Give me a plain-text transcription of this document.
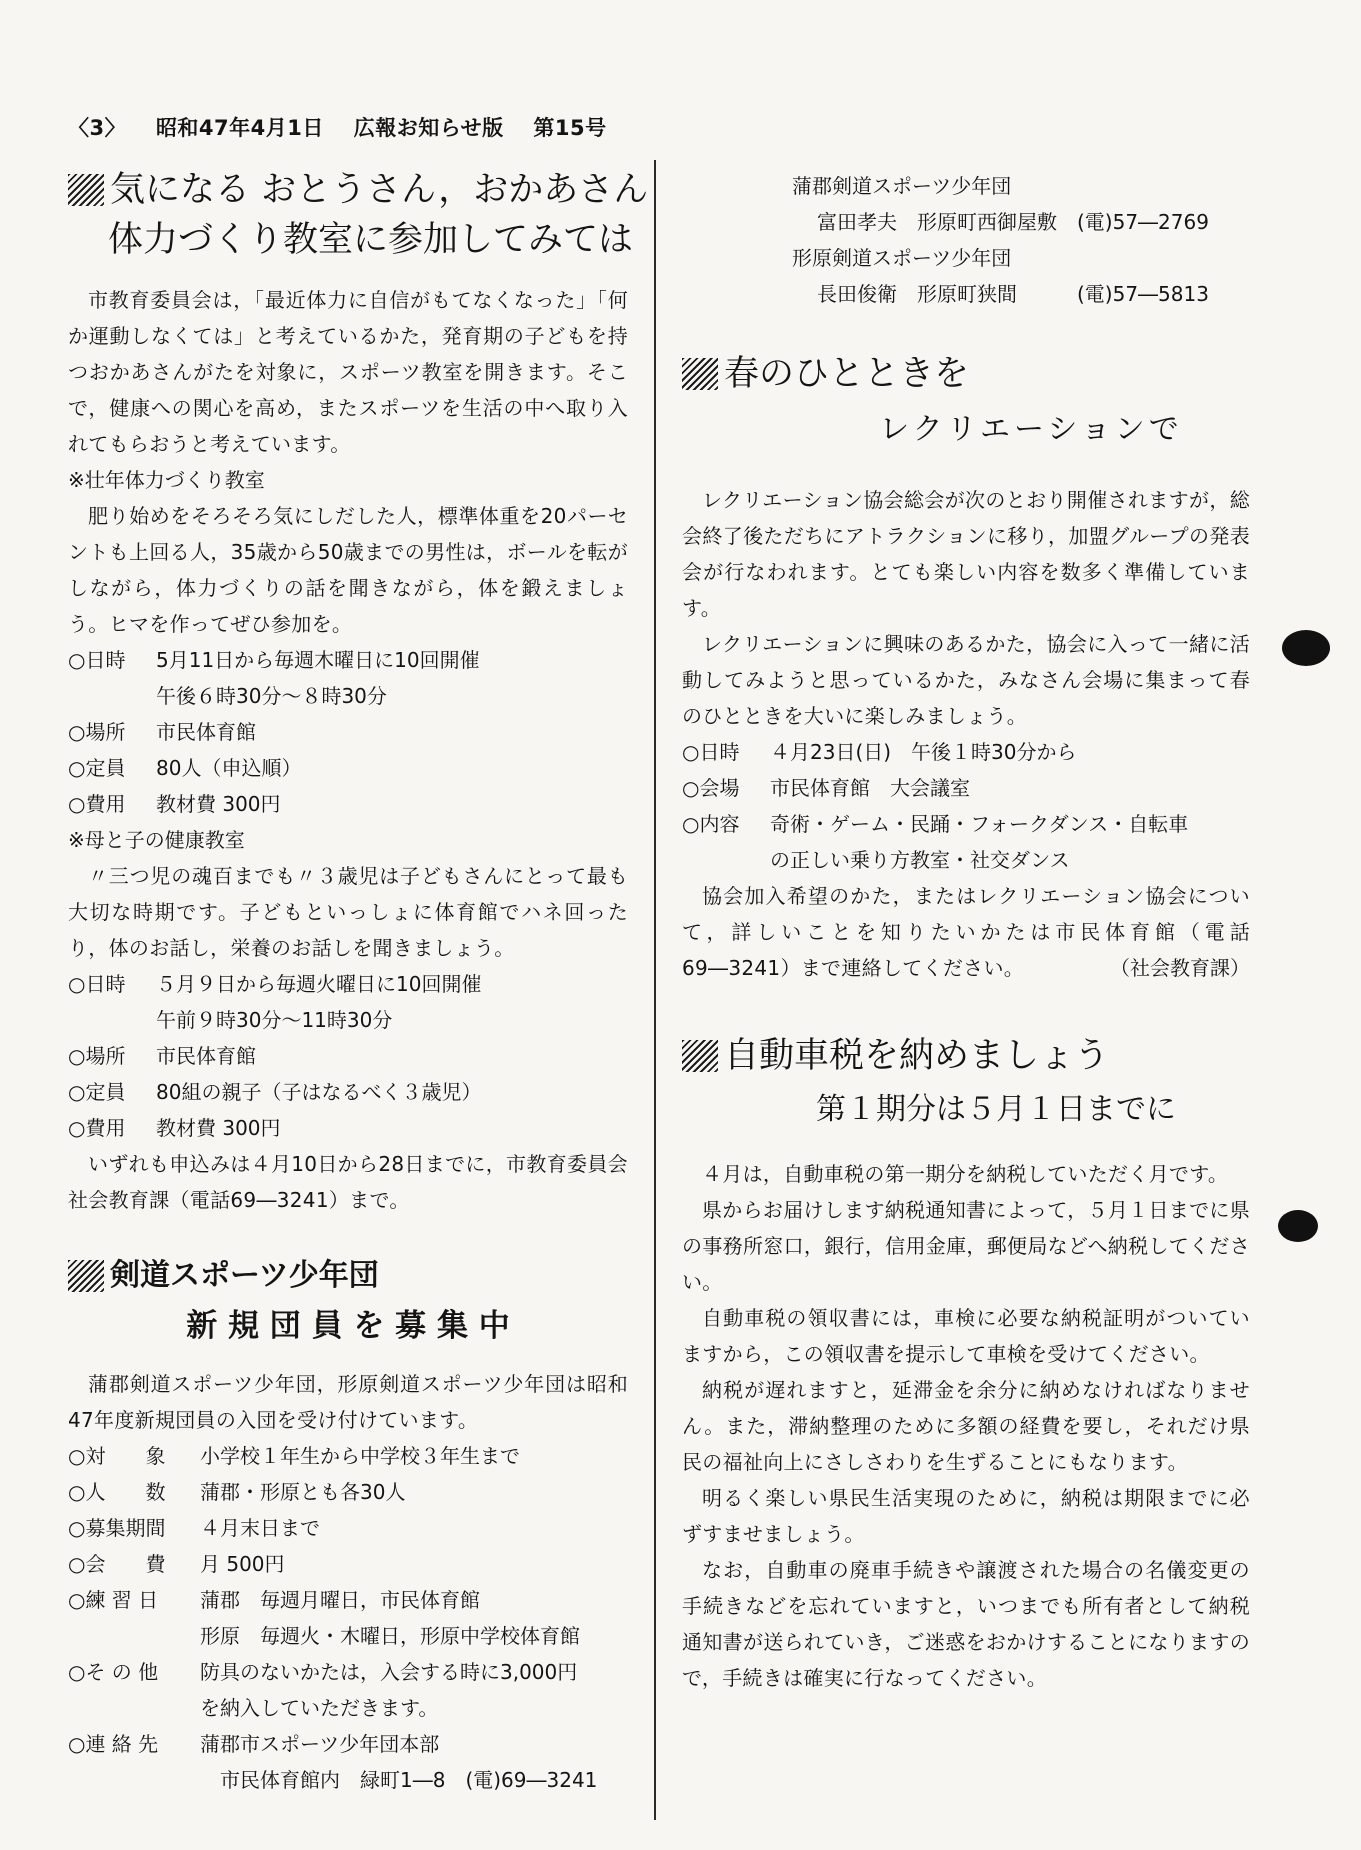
〈3〉 昭和47年4月1日 広報お知らせ版 第15号
気になる おとうさん，おかあさん
体力づくり教室に参加してみては

市教育委員会は，「最近体力に自信がもてなくなった」「何か運動しなくては」と考えているかた，発育期の子どもを持つおかあさんがたを対象に，スポーツ教室を開きます。そこで，健康への関心を高め，またスポーツを生活の中へ取り入れてもらおうと考えています。

※壮年体力づくり教室

肥り始めをそろそろ気にしだした人，標準体重を20パーセントも上回る人，35歳から50歳までの男性は，ボールを転がしながら，体力づくりの話を聞きながら，体を鍛えましょう。ヒマを作ってぜひ参加を。

○日時	5月11日から毎週木曜日に10回開催
午後６時30分～８時30分
○場所	市民体育館
○定員	80人（申込順）
○費用	教材費 300円
※母と子の健康教室

〃三つ児の魂百までも〃３歳児は子どもさんにとって最も大切な時期です。子どもといっしょに体育館でハネ回ったり，体のお話し，栄養のお話しを聞きましょう。

○日時	５月９日から毎週火曜日に10回開催
午前９時30分～11時30分
○場所	市民体育館
○定員	80組の親子（子はなるべく３歳児）
○費用	教材費 300円

いずれも申込みは４月10日から28日までに，市教育委員会社会教育課（電話69―3241）まで。

剣道スポーツ少年団
新 規 団 員 を 募 集 中

蒲郡剣道スポーツ少年団，形原剣道スポーツ少年団は昭和47年度新規団員の入団を受け付けています。

○対　　象	小学校１年生から中学校３年生まで
○人　　数	蒲郡・形原とも各30人
○募集期間	４月末日まで
○会　　費	月 500円
○練 習 日	蒲郡　毎週月曜日，市民体育館
形原　毎週火・木曜日，形原中学校体育館
○そ の 他	防具のないかたは，入会する時に3,000円
を納入していただきます。
○連 絡 先	蒲郡市スポーツ少年団本部
市民体育館内　緑町1―8　(電)69―3241
蒲郡剣道スポーツ少年団
富田孝夫　形原町西御屋敷　(電)57―2769
形原剣道スポーツ少年団
長田俊衛　形原町狭間　　　(電)57―5813
春のひとときを
レクリエーションで

レクリエーション協会総会が次のとおり開催されますが，総会終了後ただちにアトラクションに移り，加盟グループの発表会が行なわれます。とても楽しい内容を数多く準備しています。

レクリエーションに興味のあるかた，協会に入って一緒に活動してみようと思っているかた，みなさん会場に集まって春のひとときを大いに楽しみましょう。

○日時	４月23日(日)　午後１時30分から
○会場	市民体育館　大会議室
○内容	奇術・ゲーム・民踊・フォークダンス・自転車
の正しい乗り方教室・社交ダンス

協会加入希望のかた，またはレクリエーション協会について，詳しいことを知りたいかたは市民体育館（電話69―3241）まで連絡してください。	（社会教育課）
自動車税を納めましょう
第１期分は５月１日までに

４月は，自動車税の第一期分を納税していただく月です。

県からお届けします納税通知書によって，５月１日までに県の事務所窓口，銀行，信用金庫，郵便局などへ納税してください。

自動車税の領収書には，車検に必要な納税証明がついていますから，この領収書を提示して車検を受けてください。

納税が遅れますと，延滞金を余分に納めなければなりません。また，滞納整理のために多額の経費を要し，それだけ県民の福祉向上にさしさわりを生ずることにもなります。

明るく楽しい県民生活実現のために，納税は期限までに必ずすませましょう。

なお，自動車の廃車手続きや譲渡された場合の名儀変更の手続きなどを忘れていますと，いつまでも所有者として納税通知書が送られていき，ご迷惑をおかけすることになりますので，手続きは確実に行なってください。
